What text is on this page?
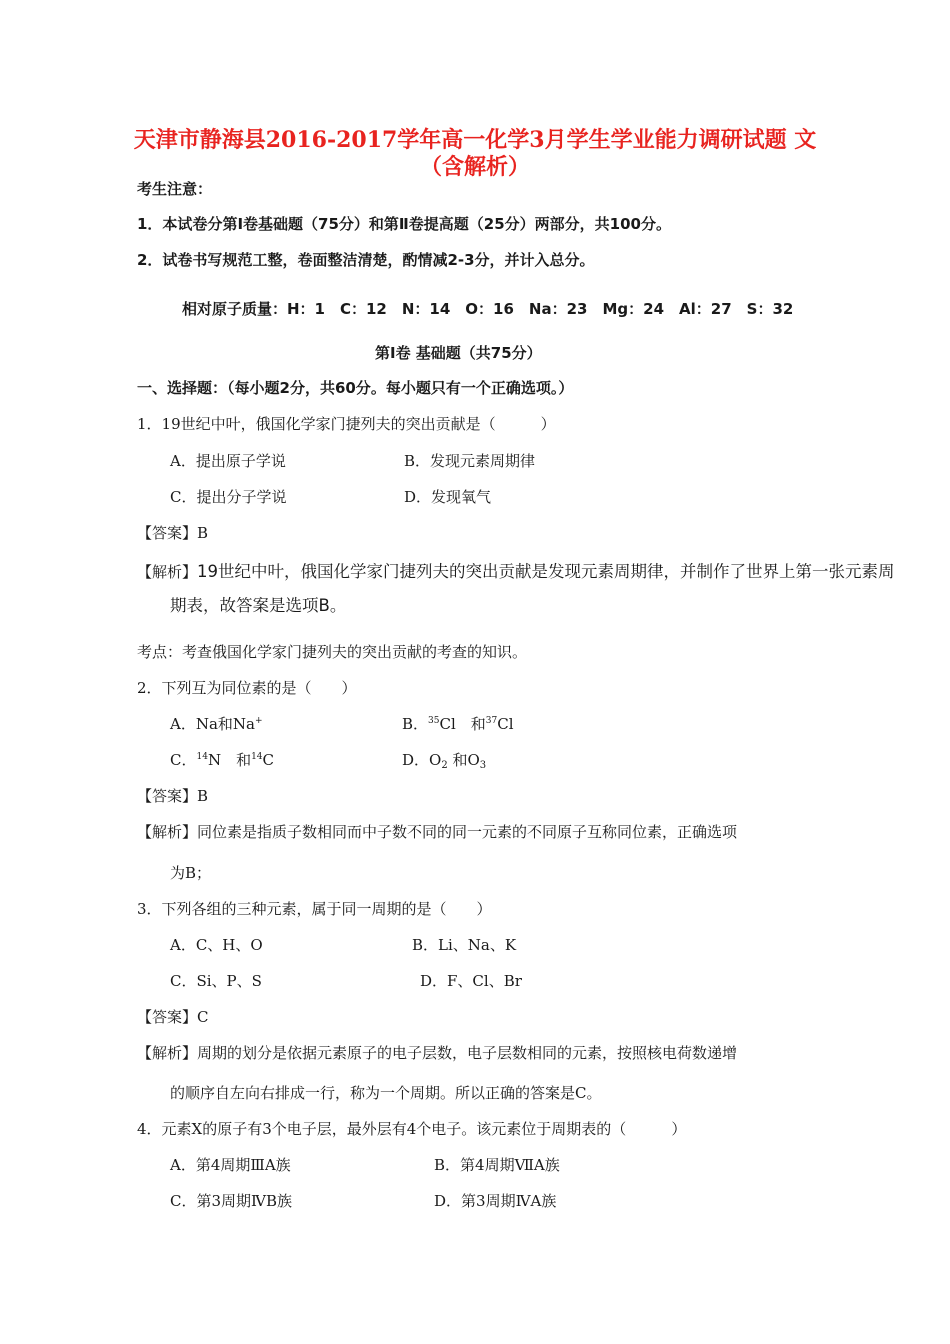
天津市静海县2016-2017学年高一化学3月学生学业能力调研试题 文
（含解析）
考生注意：
1．本试卷分第Ⅰ卷基础题（75分）和第Ⅱ卷提高题（25分）两部分，共100分。
2．试卷书写规范工整，卷面整洁清楚，酌情减2-3分，并计入总分。
相对原子质量：H：1　C：12　N：14　O：16　Na：23　Mg：24　Al：27　S：32
第Ⅰ卷 基础题（共75分）
一、选择题：（每小题2分，共60分。每小题只有一个正确选项。）
1．19世纪中叶，俄国化学家门捷列夫的突出贡献是（　　　）
A．提出原子学说	B．发现元素周期律
C．提出分子学说	D．发现氧气
【答案】B
【解析】19世纪中叶，俄国化学家门捷列夫的突出贡献是发现元素周期律，并制作了世界上第一张元素周
期表，故答案是选项B。
考点：考查俄国化学家门捷列夫的突出贡献的考查的知识。
2．下列互为同位素的是（　　）
A．Na和Na+	B．$^{35}$Cl　和$^{37}$Cl
C．$^{14}$N　和$^{14}$C	D．$O_2$ 和$O_3$
【答案】B
【解析】同位素是指质子数相同而中子数不同的同一元素的不同原子互称同位素，正确选项
为B；
3．下列各组的三种元素，属于同一周期的是（　　）
A．C、H、O	B．Li、Na、K
C．Si、P、S	D．F、Cl、Br
【答案】C
【解析】周期的划分是依据元素原子的电子层数，电子层数相同的元素，按照核电荷数递增
的顺序自左向右排成一行，称为一个周期。所以正确的答案是C。
4．元素X的原子有3个电子层，最外层有4个电子。该元素位于周期表的（　　　）
A．第4周期ⅢA族	B．第4周期ⅦA族
C．第3周期ⅣB族	D．第3周期ⅣA族
